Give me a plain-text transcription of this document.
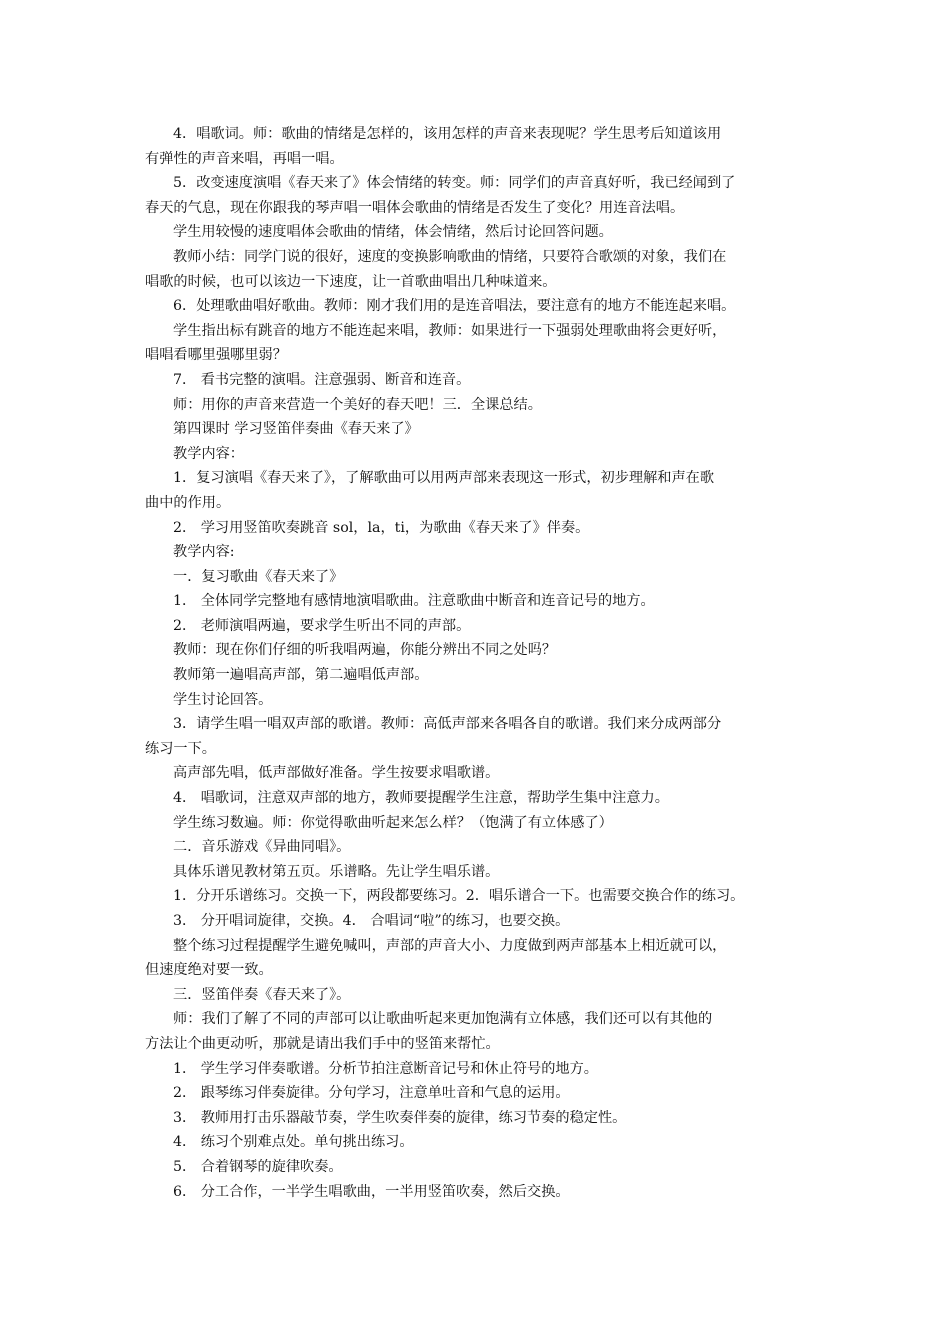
4．唱歌词。师：歌曲的情绪是怎样的，该用怎样的声音来表现呢？学生思考后知道该用
有弹性的声音来唱，再唱一唱。

5．改变速度演唱《春天来了》体会情绪的转变。师：同学们的声音真好听，我已经闻到了
春天的气息，现在你跟我的琴声唱一唱体会歌曲的情绪是否发生了变化？用连音法唱。

学生用较慢的速度唱体会歌曲的情绪，体会情绪，然后讨论回答问题。

教师小结：同学门说的很好，速度的变换影响歌曲的情绪，只要符合歌颂的对象，我们在
唱歌的时候，也可以该边一下速度，让一首歌曲唱出几种味道来。

6．处理歌曲唱好歌曲。教师：刚才我们用的是连音唱法，要注意有的地方不能连起来唱。

学生指出标有跳音的地方不能连起来唱，教师：如果进行一下强弱处理歌曲将会更好听，
唱唱看哪里强哪里弱？

7． 看书完整的演唱。注意强弱、断音和连音。

师：用你的声音来营造一个美好的春天吧！三．全课总结。

第四课时 学习竖笛伴奏曲《春天来了》

教学内容：

1．复习演唱《春天来了》，了解歌曲可以用两声部来表现这一形式，初步理解和声在歌
曲中的作用。

2． 学习用竖笛吹奏跳音 sol，la，ti，为歌曲《春天来了》伴奏。

教学内容:

一．复习歌曲《春天来了》

1． 全体同学完整地有感情地演唱歌曲。注意歌曲中断音和连音记号的地方。

2． 老师演唱两遍，要求学生听出不同的声部。

教师：现在你们仔细的听我唱两遍，你能分辨出不同之处吗？

教师第一遍唱高声部，第二遍唱低声部。

学生讨论回答。

3．请学生唱一唱双声部的歌谱。教师：高低声部来各唱各自的歌谱。我们来分成两部分
练习一下。

高声部先唱，低声部做好准备。学生按要求唱歌谱。

4． 唱歌词，注意双声部的地方，教师要提醒学生注意，帮助学生集中注意力。

学生练习数遍。师：你觉得歌曲听起来怎么样？（饱满了有立体感了）

二．音乐游戏《异曲同唱》。

具体乐谱见教材第五页。乐谱略。先让学生唱乐谱。

1．分开乐谱练习。交换一下，两段都要练习。2．唱乐谱合一下。也需要交换合作的练习。

3． 分开唱词旋律，交换。4． 合唱词“啦”的练习，也要交换。

整个练习过程提醒学生避免喊叫，声部的声音大小、力度做到两声部基本上相近就可以，
但速度绝对要一致。

三．竖笛伴奏《春天来了》。

师：我们了解了不同的声部可以让歌曲听起来更加饱满有立体感，我们还可以有其他的
方法让个曲更动听，那就是请出我们手中的竖笛来帮忙。

1． 学生学习伴奏歌谱。分析节拍注意断音记号和休止符号的地方。

2． 跟琴练习伴奏旋律。分句学习，注意单吐音和气息的运用。

3． 教师用打击乐器敲节奏，学生吹奏伴奏的旋律，练习节奏的稳定性。

4． 练习个别难点处。单句挑出练习。

5． 合着钢琴的旋律吹奏。

6． 分工合作，一半学生唱歌曲，一半用竖笛吹奏，然后交换。
